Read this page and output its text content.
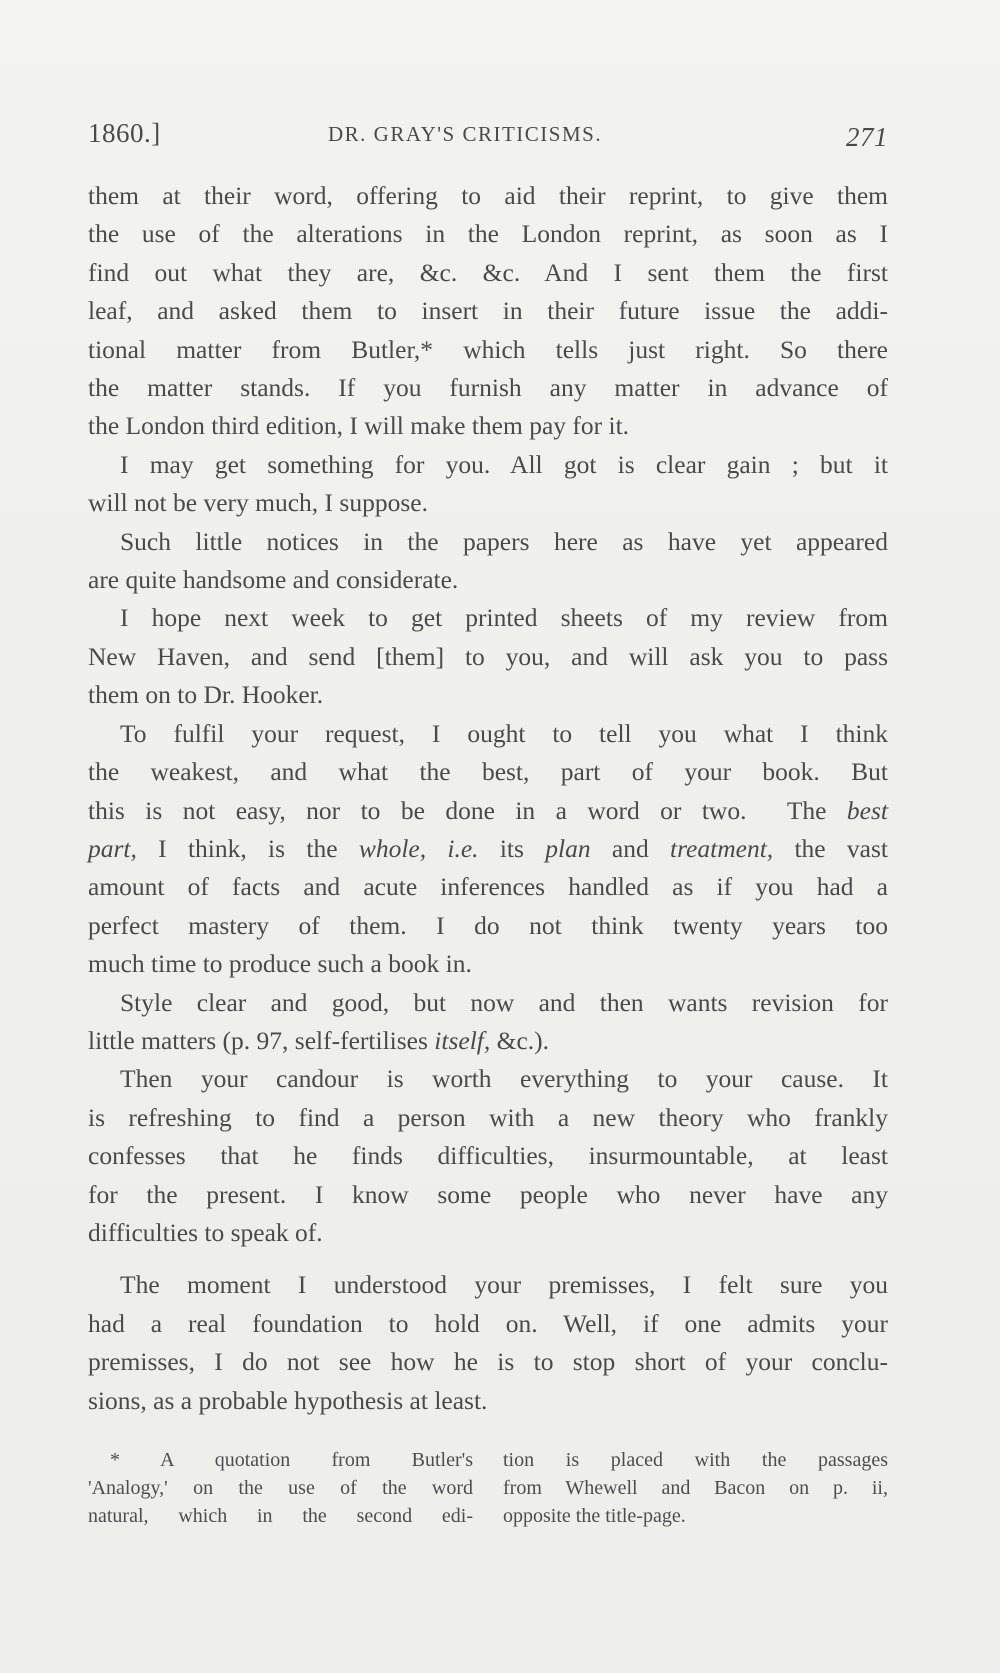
1860.]	DR. GRAY'S CRITICISMS.	271
them at their word, offering to aid their reprint, to give them
the use of the alterations in the London reprint, as soon as I
find out what they are, &c. &c. And I sent them the first
leaf, and asked them to insert in their future issue the addi-
tional matter from Butler,* which tells just right. So there
the matter stands. If you furnish any matter in advance of
the London third edition, I will make them pay for it.
I may get something for you. All got is clear gain ; but it
will not be very much, I suppose.
Such little notices in the papers here as have yet appeared
are quite handsome and considerate.
I hope next week to get printed sheets of my review from
New Haven, and send [them] to you, and will ask you to pass
them on to Dr. Hooker.
To fulfil your request, I ought to tell you what I think
the weakest, and what the best, part of your book. But
this is not easy, nor to be done in a word or two.  The best
part, I think, is the whole, i.e. its plan and treatment, the vast
amount of facts and acute inferences handled as if you had a
perfect mastery of them. I do not think twenty years too
much time to produce such a book in.
Style clear and good, but now and then wants revision for
little matters (p. 97, self-fertilises itself, &c.).
Then your candour is worth everything to your cause. It
is refreshing to find a person with a new theory who frankly
confesses that he finds difficulties, insurmountable, at least
for the present. I know some people who never have any
difficulties to speak of.
The moment I understood your premisses, I felt sure you
had a real foundation to hold on. Well, if one admits your
premisses, I do not see how he is to stop short of your conclu-
sions, as a probable hypothesis at least.
* A quotation from Butler's
'Analogy,' on the use of the word
natural, which in the second edi-
tion is placed with the passages
from Whewell and Bacon on p. ii,
opposite the title-page.
